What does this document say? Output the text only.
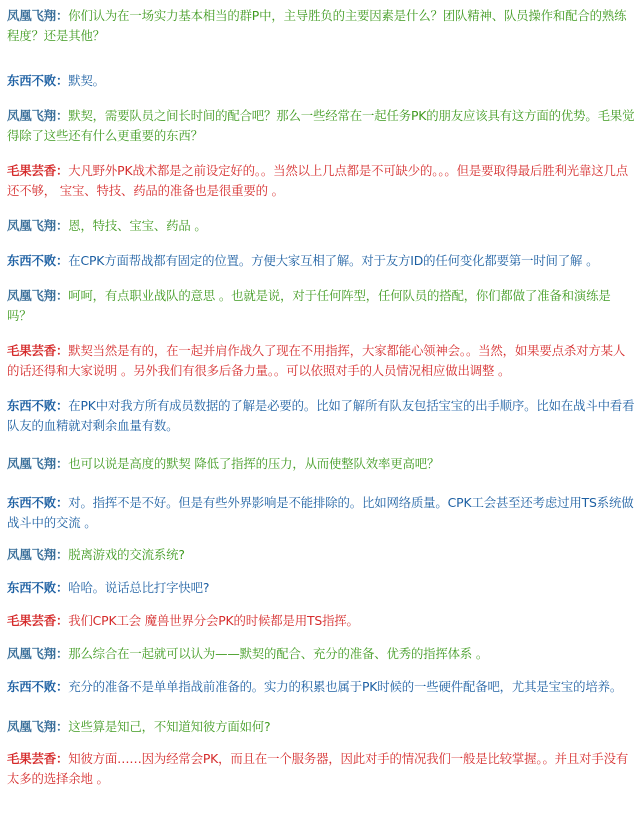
凤凰飞翔：你们认为在一场实力基本相当的群P中，主导胜负的主要因素是什么？团队精神、队员操作和配合的熟练程度？还是其他？

东西不败：默契。

凤凰飞翔：默契，需要队员之间长时间的配合吧？那么一些经常在一起任务PK的朋友应该具有这方面的优势。毛果觉得除了这些还有什么更重要的东西？

毛果芸香：大凡野外PK战术都是之前设定好的。。当然以上几点都是不可缺少的。。。但是要取得最后胜利光靠这几点还不够， 宝宝、特技、药品的准备也是很重要的 。

凤凰飞翔：恩，特技、宝宝、药品 。

东西不败：在CPK方面帮战都有固定的位置。方便大家互相了解。对于友方ID的任何变化都要第一时间了解 。

凤凰飞翔：呵呵，有点职业战队的意思 。也就是说，对于任何阵型，任何队员的搭配，你们都做了准备和演练是吗？

毛果芸香：默契当然是有的，在一起并肩作战久了现在不用指挥，大家都能心领神会。。当然，如果要点杀对方某人的话还得和大家说明 。另外我们有很多后备力量。。可以依照对手的人员情况相应做出调整 。

东西不败：在PK中对我方所有成员数据的了解是必要的。比如了解所有队友包括宝宝的出手顺序。比如在战斗中看看队友的血精就对剩余血量有数。

凤凰飞翔：也可以说是高度的默契 降低了指挥的压力，从而使整队效率更高吧？

东西不败：对。指挥不是不好。但是有些外界影响是不能排除的。比如网络质量。CPK工会甚至还考虑过用TS系统做战斗中的交流 。

凤凰飞翔：脱离游戏的交流系统?

东西不败：哈哈。说话总比打字快吧?

毛果芸香：我们CPK工会 魔兽世界分会PK的时候都是用TS指挥。

凤凰飞翔：那么综合在一起就可以认为——默契的配合、充分的准备、优秀的指挥体系 。

东西不败：充分的准备不是单单指战前准备的。实力的积累也属于PK时候的一些硬件配备吧，尤其是宝宝的培养。

凤凰飞翔：这些算是知己，不知道知彼方面如何?

毛果芸香：知彼方面……因为经常会PK，而且在一个服务器，因此对手的情况我们一般是比较掌握。。并且对手没有太多的选择余地 。
